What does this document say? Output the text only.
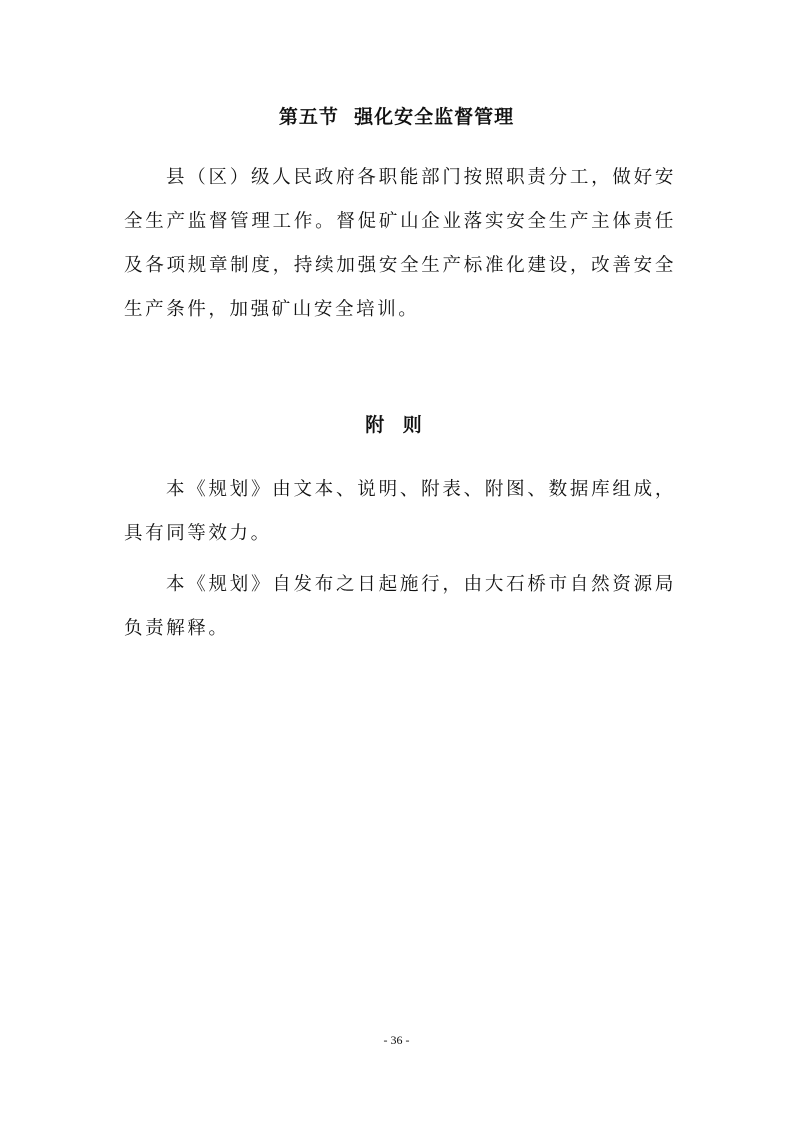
第五节  强化安全监督管理

县（区）级人民政府各职能部门按照职责分工，做好安全生产监督管理工作。督促矿山企业落实安全生产主体责任及各项规章制度，持续加强安全生产标准化建设，改善安全生产条件，加强矿山安全培训。

附 则

本《规划》由文本、说明、附表、附图、数据库组成，具有同等效力。

本《规划》自发布之日起施行，由大石桥市自然资源局负责解释。

- 36 -
